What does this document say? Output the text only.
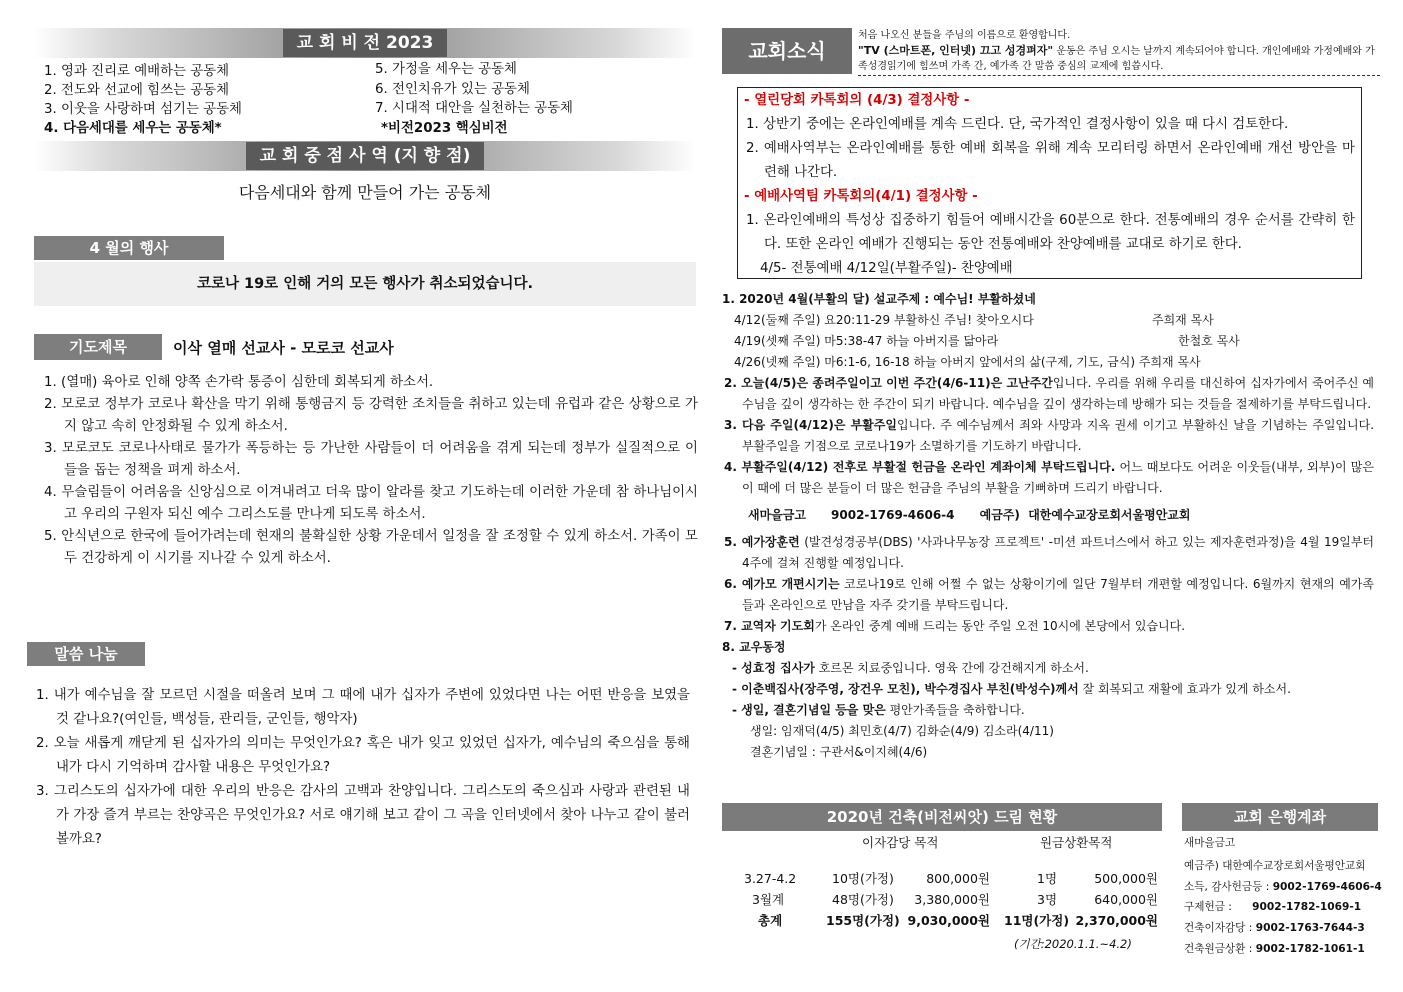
교 회 비 전 2023
1. 영과 진리로 예배하는 공동체
2. 전도와 선교에 힘쓰는 공동체
3. 이웃을 사랑하며 섬기는 공동체
4. 다음세대를 세우는 공동체*
5. 가정을 세우는 공동체
6. 전인치유가 있는 공동체
7. 시대적 대안을 실천하는 공동체
*비전2023 핵심비전
교 회 중 점 사 역 (지 향 점)
다음세대와 함께 만들어 가는 공동체
4 월의 행사
코로나 19로 인해 거의 모든 행사가 취소되었습니다.
기도제목	이삭 열매 선교사 - 모로코 선교사
1. (열매) 육아로 인해 양쪽 손가락 통증이 심한데 회복되게 하소서.
2. 모로코 정부가 코로나 확산을 막기 위해 통행금지 등 강력한 조치들을 취하고 있는데 유럽과 같은 상황으로 가지 않고 속히 안정화될 수 있게 하소서.
3. 모로코도 코로나사태로 물가가 폭등하는 등 가난한 사람들이 더 어려움을 겪게 되는데 정부가 실질적으로 이들을 돕는 정책을 펴게 하소서.
4. 무슬림들이 어려움을 신앙심으로 이겨내려고 더욱 많이 알라를 찾고 기도하는데 이러한 가운데 참 하나님이시고 우리의 구원자 되신 예수 그리스도를 만나게 되도록 하소서.
5. 안식년으로 한국에 들어가려는데 현재의 불확실한 상황 가운데서 일정을 잘 조정할 수 있게 하소서. 가족이 모두 건강하게 이 시기를 지나갈 수 있게 하소서.
말씀 나눔
1. 내가 예수님을 잘 모르던 시절을 떠올려 보며 그 때에 내가 십자가 주변에 있었다면 나는 어떤 반응을 보였을 것 같나요?(여인들, 백성들, 관리들, 군인들, 행악자)
2. 오늘 새롭게 깨닫게 된 십자가의 의미는 무엇인가요? 혹은 내가 잊고 있었던 십자가, 예수님의 죽으심을 통해 내가 다시 기억하며 감사할 내용은 무엇인가요?
3. 그리스도의 십자가에 대한 우리의 반응은 감사의 고백과 찬양입니다. 그리스도의 죽으심과 사랑과 관련된 내가 가장 즐겨 부르는 찬양곡은 무엇인가요? 서로 얘기해 보고 같이 그 곡을 인터넷에서 찾아 나누고 같이 불러볼까요?
교회소식
처음 나오신 분들을 주님의 이름으로 환영합니다.
"TV (스마트폰, 인터넷) 끄고 성경펴자" 운동은 주님 오시는 날까지 계속되어야 합니다. 개인예배와 가정예배와 가족성경읽기에 힘쓰며 가족 간, 예가족 간 말씀 중심의 교제에 힘씁시다.
- 열린당회 카톡회의 (4/3) 결정사항 -
1. 상반기 중에는 온라인예배를 계속 드린다. 단, 국가적인 결정사항이 있을 때 다시 검토한다.
2. 예배사역부는 온라인예배를 통한 예배 회복을 위해 계속 모리터링 하면서 온라인예배 개선 방안을 마련해 나간다.
- 예배사역팀 카톡회의(4/1) 결정사항 -
1. 온라인예배의 특성상 집중하기 힘들어 예배시간을 60분으로 한다. 전통예배의 경우 순서를 간략히 한다. 또한 온라인 예배가 진행되는 동안 전통예배와 찬양예배를 교대로 하기로 한다.
4/5- 전통예배 4/12일(부활주일)- 찬양예배
1. 2020년 4월(부활의 달) 설교주제 : 예수님! 부활하셨네
4/12(둘째 주일) 요20:11-29 부활하신 주님! 찾아오시다	주희재 목사
4/19(셋째 주일) 마5:38-47 하늘 아버지를 닮아라	한철호 목사
4/26(넷째 주일) 마6:1-6, 16-18 하늘 아버지 앞에서의 삶(구제, 기도, 금식) 주희재 목사
2. 오늘(4/5)은 종려주일이고 이번 주간(4/6-11)은 고난주간입니다. 우리를 위해 우리를 대신하여 십자가에서 죽어주신 예수님을 깊이 생각하는 한 주간이 되기 바랍니다. 예수님을 깊이 생각하는데 방해가 되는 것들을 절제하기를 부탁드립니다.
3. 다음 주일(4/12)은 부활주일입니다. 주 예수님께서 죄와 사망과 지옥 권세 이기고 부활하신 날을 기념하는 주일입니다. 부활주일을 기점으로 코로나19가 소멸하기를 기도하기 바랍니다.
4. 부활주일(4/12) 전후로 부활절 헌금을 온라인 계좌이체 부탁드립니다. 어느 때보다도 어려운 이웃들(내부, 외부)이 많은 이 때에 더 많은 분들이 더 많은 헌금을 주님의 부활을 기뻐하며 드리기 바랍니다.
새마을금고      9002-1769-4606-4      예금주)  대한예수교장로회서울평안교회
5. 예가장훈련 (발견성경공부(DBS) '사과나무농장 프로젝트' -미션 파트너스에서 하고 있는 제자훈련과정)을 4월 19일부터 4주에 걸쳐 진행할 예정입니다.
6. 예가모 개편시기는 코로나19로 인해 어쩔 수 없는 상황이기에 일단 7월부터 개편할 예정입니다. 6월까지 현재의 예가족들과 온라인으로 만남을 자주 갖기를 부탁드립니다.
7. 교역자 기도회가 온라인 중계 예배 드리는 동안 주일 오전 10시에 본당에서 있습니다.
8. 교우동정
- 성효정 집사가 호르몬 치료중입니다. 영육 간에 강건해지게 하소서.
- 이춘백집사(장주영, 장건우 모친), 박수경집사 부친(박성수)께서 잘 회복되고 재활에 효과가 있게 하소서.
- 생일, 결혼기념일 등을 맞은 평안가족들을 축하합니다.
생일: 임재덕(4/5) 최민호(4/7) 김화순(4/9) 김소라(4/11)
결혼기념일 : 구관서&이지혜(4/6)
2020년 건축(비전씨앗) 드림 현황
이자감당 목적	원금상환목적
3.27-4.2	10명(가정)	800,000원	1명	500,000원
3월계	48명(가정) 3,380,000원	3명	640,000원
총계	155명(가정) 9,030,000원 11명(가정) 2,370,000원
(기간:2020.1.1.~4.2)
교회 은행계좌
새마을금고
예금주) 대한예수교장로회서울평안교회
소득, 감사헌금등 : 9002-1769-4606-4
구제헌금 :      9002-1782-1069-1
건축이자감당 : 9002-1763-7644-3
건축원금상환 : 9002-1782-1061-1
